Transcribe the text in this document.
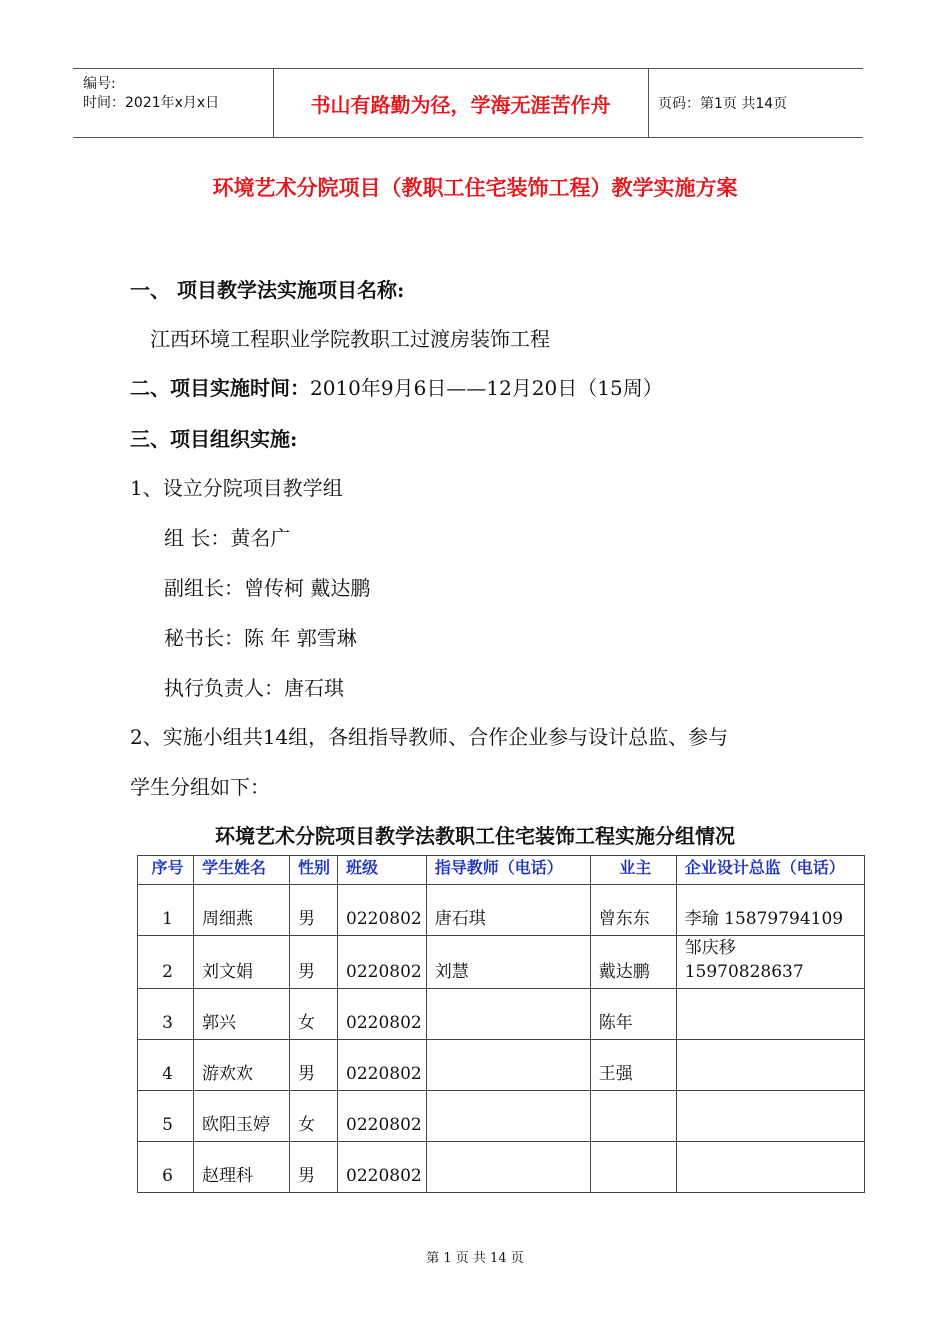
编号:
时间：2021年x月x日	书山有路勤为径，学海无涯苦作舟	页码：第1页 共14页
环境艺术分院项目（教职工住宅装饰工程）教学实施方案
一、 项目教学法实施项目名称:
江西环境工程职业学院教职工过渡房装饰工程
二、项目实施时间：2010年9月6日——12月20日（15周）
三、项目组织实施:
1、设立分院项目教学组
组 长：黄名广
副组长：曾传柯 戴达鹏
秘书长：陈 年 郭雪琳
执行负责人：唐石琪
2、实施小组共14组，各组指导教师、合作企业参与设计总监、参与
学生分组如下：
环境艺术分院项目教学法教职工住宅装饰工程实施分组情况
序号	学生姓名	性别	班级	指导教师（电话）	业主	企业设计总监（电话）
1	周细燕	男	0220802	唐石琪	曾东东	李瑜 15879794109
2	刘文娟	男	0220802	刘慧	戴达鹏	邹庆移 15970828637
3	郭兴	女	0220802		陈年	
4	游欢欢	男	0220802		王强	
5	欧阳玉婷	女	0220802			
6	赵理科	男	0220802			
第 1 页 共 14 页
